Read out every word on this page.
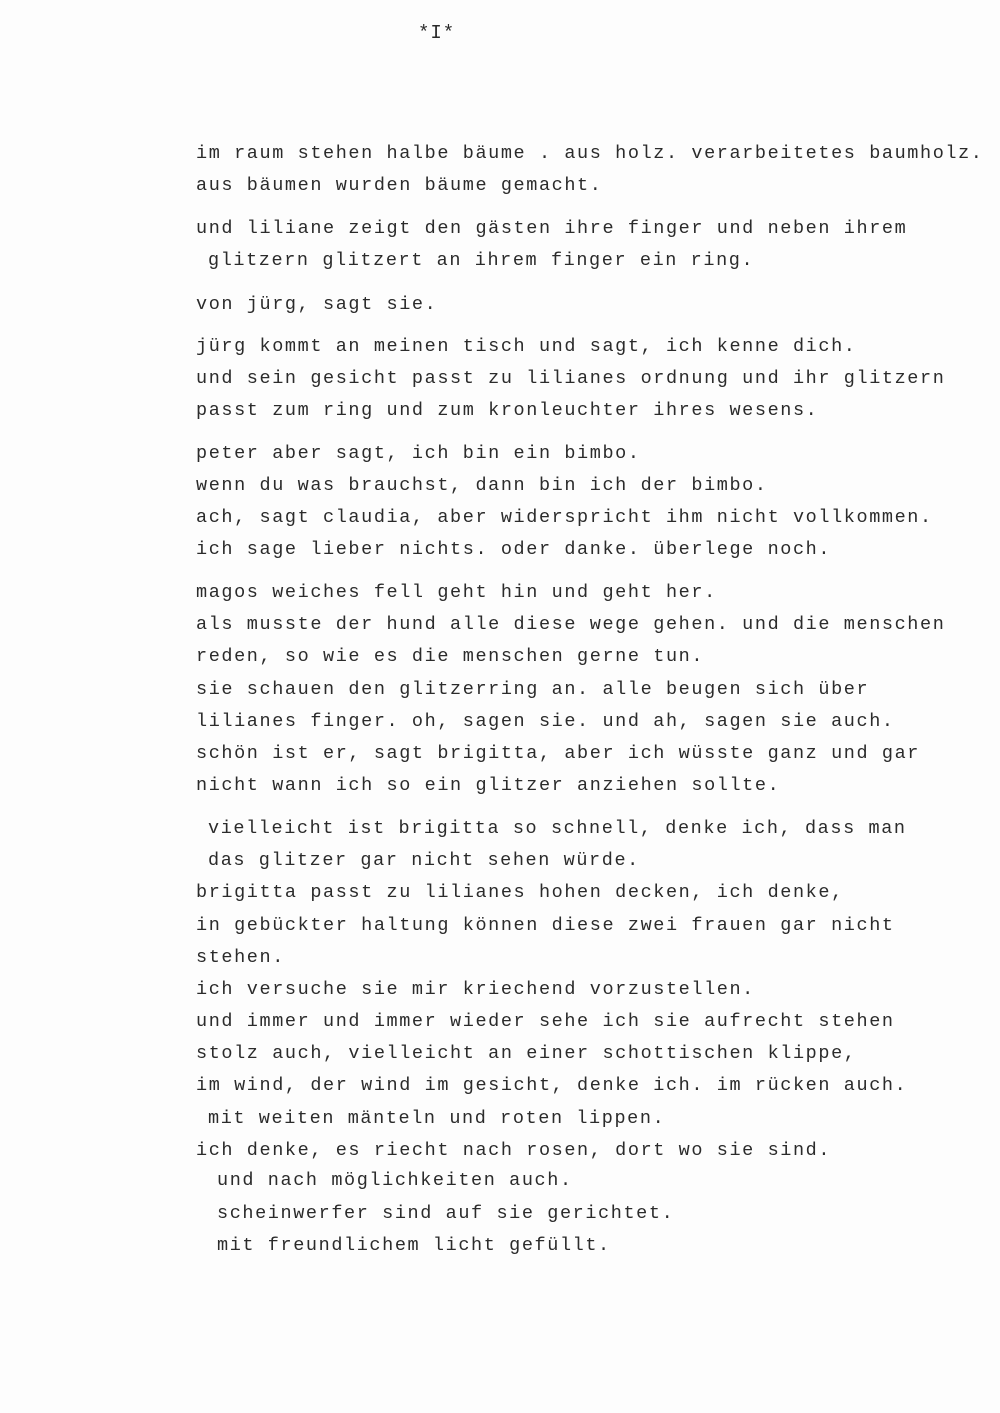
*I*
im raum stehen halbe bäume . aus holz. verarbeitetes baumholz.
aus bäumen wurden bäume gemacht.
und liliane zeigt den gästen ihre finger und neben ihrem
glitzern glitzert an ihrem finger ein ring.
von jürg, sagt sie.
jürg kommt an meinen tisch und sagt, ich kenne dich.
und sein gesicht passt zu lilianes ordnung und ihr glitzern
passt zum ring und zum kronleuchter ihres wesens.
peter aber sagt, ich bin ein bimbo.
wenn du was brauchst, dann bin ich der bimbo.
ach, sagt claudia, aber widerspricht ihm nicht vollkommen.
ich sage lieber nichts. oder danke. überlege noch.
magos weiches fell geht hin und geht her.
als musste der hund alle diese wege gehen. und die menschen
reden, so wie es die menschen gerne tun.
sie schauen den glitzerring an. alle beugen sich über
lilianes finger. oh, sagen sie. und ah, sagen sie auch.
schön ist er, sagt brigitta, aber ich wüsste ganz und gar
nicht wann ich so ein glitzer anziehen sollte.
vielleicht ist brigitta so schnell, denke ich, dass man
das glitzer gar nicht sehen würde.
brigitta passt zu lilianes hohen decken, ich denke,
in gebückter haltung können diese zwei frauen gar nicht
stehen.
ich versuche sie mir kriechend vorzustellen.
und immer und immer wieder sehe ich sie aufrecht stehen
stolz auch, vielleicht an einer schottischen klippe,
im wind, der wind im gesicht, denke ich. im rücken auch.
mit weiten mänteln und roten lippen.
ich denke, es riecht nach rosen, dort wo sie sind.
und nach möglichkeiten auch.
scheinwerfer sind auf sie gerichtet.
mit freundlichem licht gefüllt.
